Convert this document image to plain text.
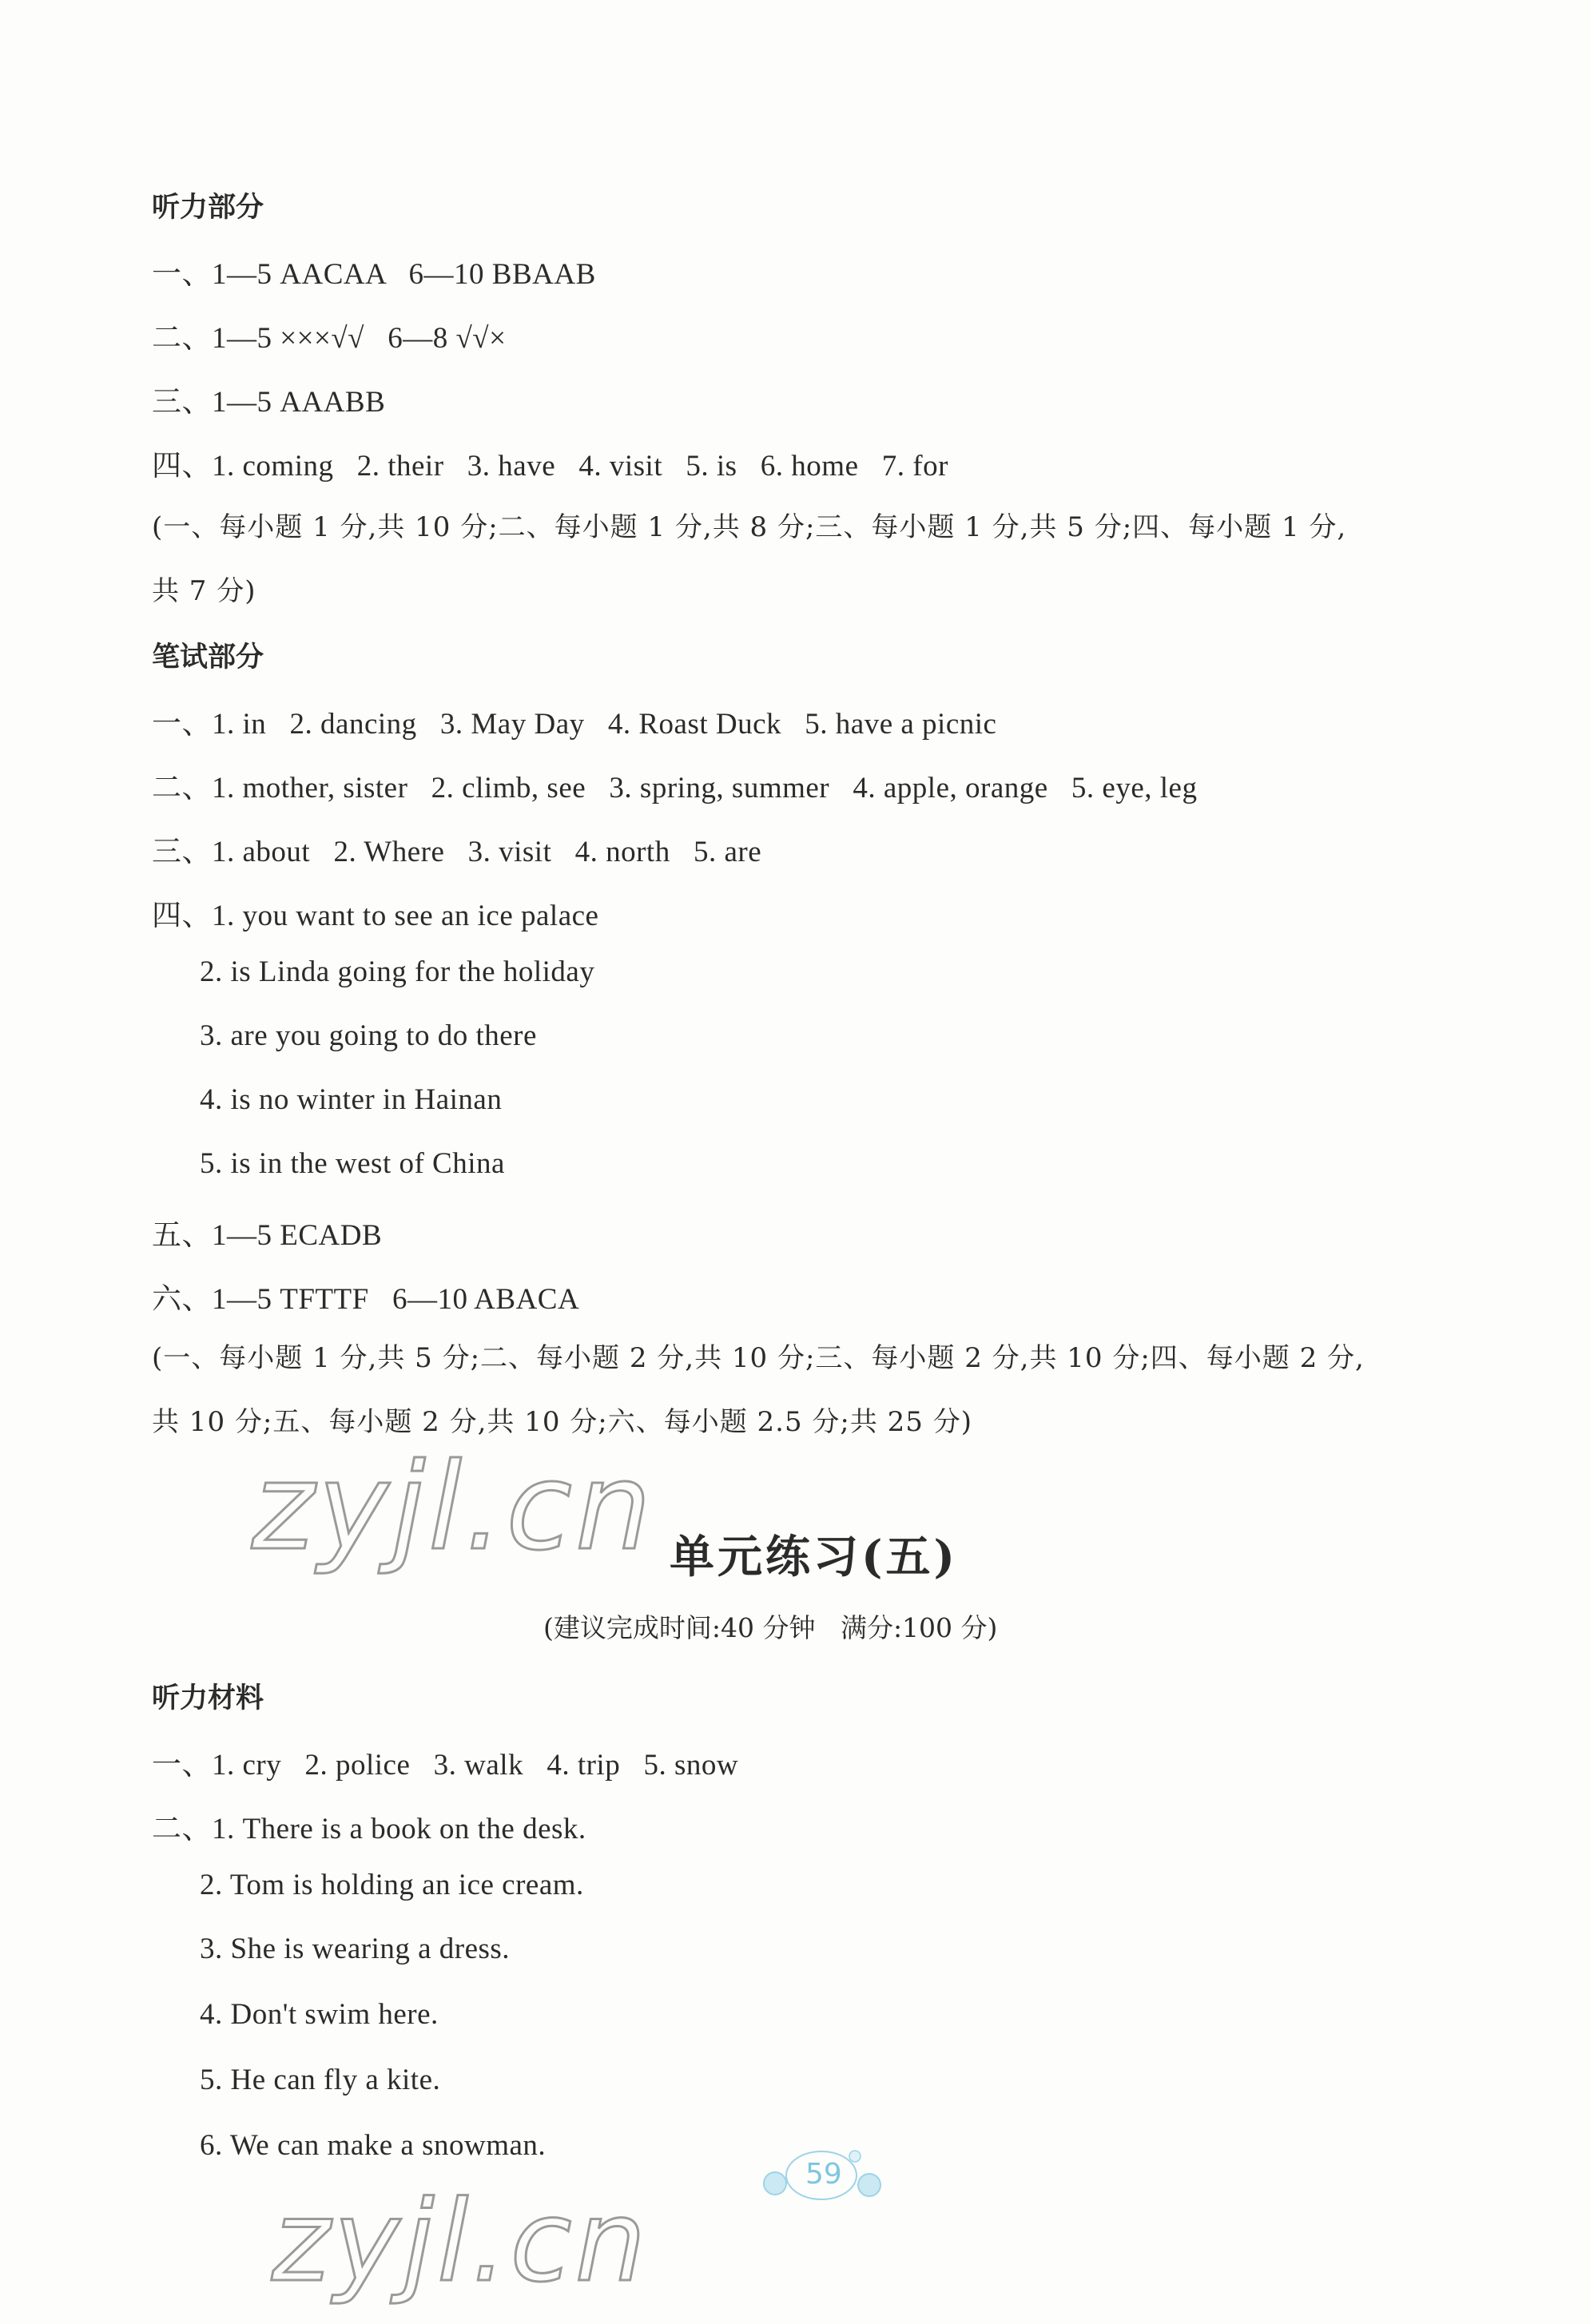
听力部分
一、1—5 AACAA   6—10 BBAAB
二、1—5 ×××√√   6—8 √√×
三、1—5 AAABB
四、1. coming   2. their   3. have   4. visit   5. is   6. home   7. for
(一、每小题 1 分,共 10 分;二、每小题 1 分,共 8 分;三、每小题 1 分,共 5 分;四、每小题 1 分,
共 7 分)
笔试部分
一、1. in   2. dancing   3. May Day   4. Roast Duck   5. have a picnic
二、1. mother, sister   2. climb, see   3. spring, summer   4. apple, orange   5. eye, leg
三、1. about   2. Where   3. visit   4. north   5. are
四、1. you want to see an ice palace
2. is Linda going for the holiday
3. are you going to do there
4. is no winter in Hainan
5. is in the west of China
五、1—5 ECADB
六、1—5 TFTTF   6—10 ABACA
(一、每小题 1 分,共 5 分;二、每小题 2 分,共 10 分;三、每小题 2 分,共 10 分;四、每小题 2 分,
共 10 分;五、每小题 2 分,共 10 分;六、每小题 2.5 分;共 25 分)
zyjl.cn 单元练习(五)
(建议完成时间:40 分钟   满分:100 分)
听力材料
一、1. cry   2. police   3. walk   4. trip   5. snow
二、1. There is a book on the desk.
2. Tom is holding an ice cream.
3. She is wearing a dress.
4. Don't swim here.
5. He can fly a kite.
6. We can make a snowman.
zyjl.cn
59
